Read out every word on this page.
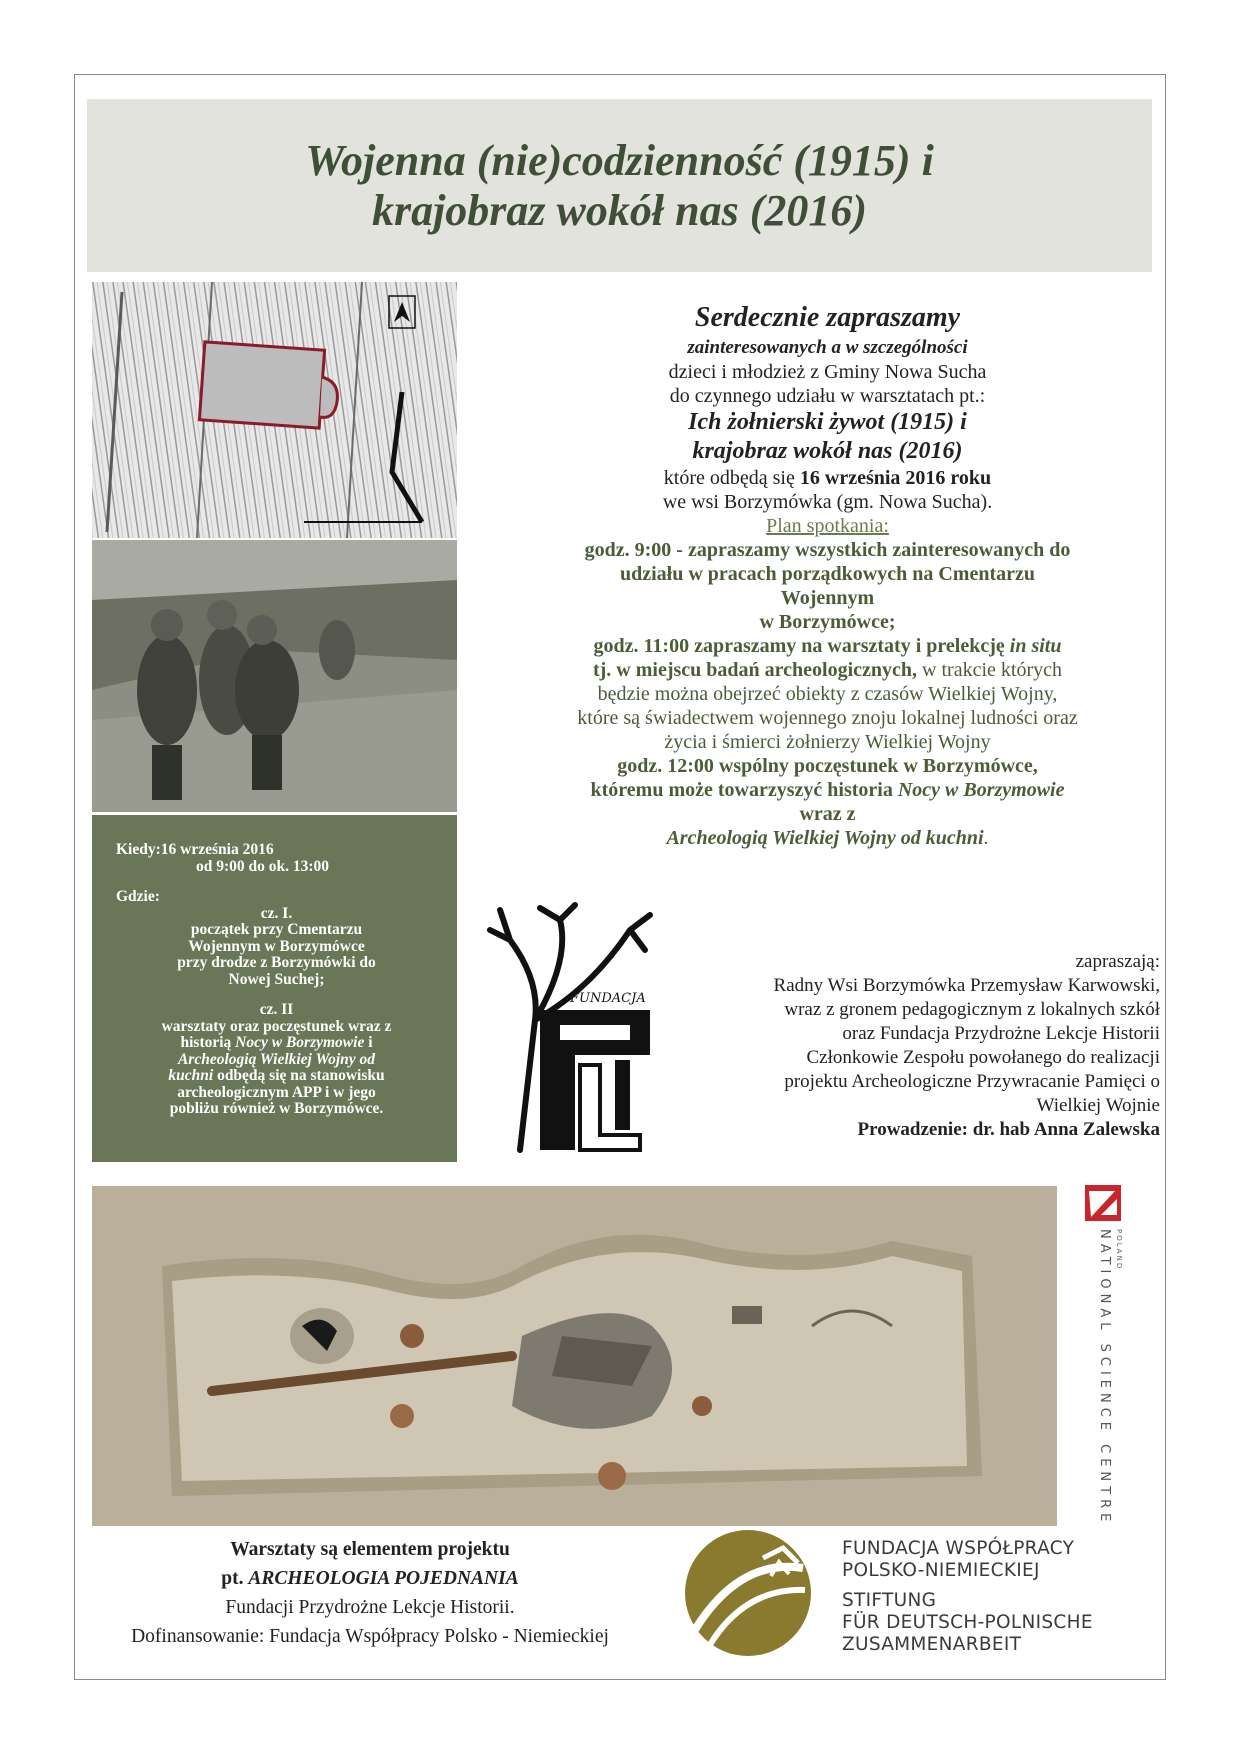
Wojenna (nie)codzienność (1915) i
krajobraz wokół nas (2016)
Kiedy:16 września 2016
od 9:00 do ok. 13:00
Gdzie:
cz. I.
początek przy Cmentarzu
Wojennym w Borzymówce
przy drodze z Borzymówki do
Nowej Suchej;
cz. II
warsztaty oraz poczęstunek wraz z
historią Nocy w Borzymowie i
Archeologią Wielkiej Wojny od
kuchni odbędą się na stanowisku
archeologicznym APP i w jego
pobliżu również w Borzymówce.
Serdecznie zapraszamy
zainteresowanych a w szczególności
dzieci i młodzież z Gminy Nowa Sucha
do czynnego udziału w warsztatach pt.:
Ich żołnierski żywot (1915) i
krajobraz wokół nas (2016)
które odbędą się 16 września 2016 roku
we wsi Borzymówka (gm. Nowa Sucha).
Plan spotkania:
godz. 9:00 - zapraszamy wszystkich zainteresowanych do
udziału w pracach porządkowych na Cmentarzu
Wojennym
w Borzymówce;
godz. 11:00 zapraszamy na warsztaty i prelekcję in situ
tj. w miejscu badań archeologicznych, w trakcie których
będzie można obejrzeć obiekty z czasów Wielkiej Wojny,
które są świadectwem wojennego znoju lokalnej ludności oraz
życia i śmierci żołnierzy Wielkiej Wojny
godz. 12:00 wspólny poczęstunek w Borzymówce,
któremu może towarzyszyć historia Nocy w Borzymowie
wraz z
Archeologią Wielkiej Wojny od kuchni.
FUNDACJA
zapraszają:
Radny Wsi Borzymówka Przemysław Karwowski,
wraz z gronem pedagogicznym z lokalnych szkół
oraz Fundacja Przydrożne Lekcje Historii
Członkowie Zespołu powołanego do realizacji
projektu Archeologiczne Przywracanie Pamięci o
Wielkiej Wojnie
Prowadzenie: dr. hab Anna Zalewska
NATIONAL SCIENCE CENTRE POLAND
Warsztaty są elementem projektu
pt. ARCHEOLOGIA POJEDNANIA
Fundacji Przydrożne Lekcje Historii.
Dofinansowanie: Fundacja Współpracy Polsko - Niemieckiej
FUNDACJA WSPÓŁPRACY
POLSKO-NIEMIECKIEJ
STIFTUNG
FÜR DEUTSCH-POLNISCHE
ZUSAMMENARBEIT
